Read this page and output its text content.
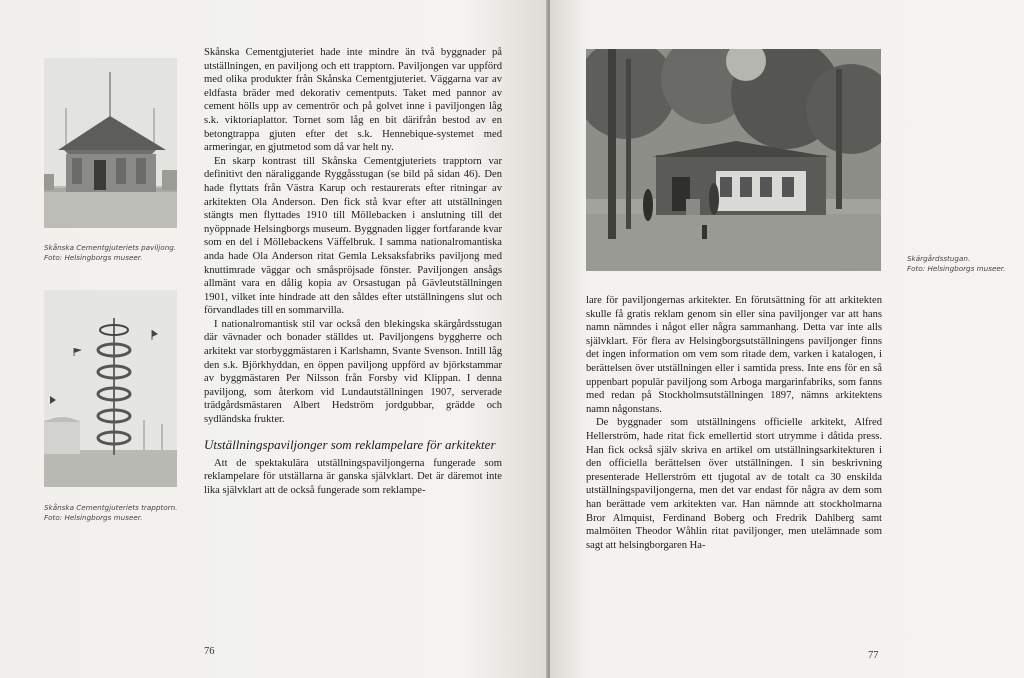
Skånska Cementgjuteriets paviljong.
Foto: Helsingborgs museer.
Skånska Cementgjuteriets trapptorn.
Foto: Helsingborgs museer.

Skånska Cementgjuteriet hade inte mindre än två byggnader på utställningen, en paviljong och ett trapptorn. Paviljongen var uppförd med olika produkter från Skånska Cementgjuteriet. Väggarna var av eldfasta bräder med dekorativ cementputs. Taket med pannor av cement hölls upp av cementrör och på golvet inne i paviljongen låg s.k. viktoriaplattor. Tornet som låg en bit därifrån bestod av en betongtrappa gjuten efter det s.k. Hennebique-systemet med armeringar, en gjutmetod som då var helt ny.

En skarp kontrast till Skånska Cementgjuteriets trapptorn var definitivt den näraliggande Ryggåsstugan (se bild på sidan 46). Den hade flyttats från Västra Karup och restaurerats efter ritningar av arkitekten Ola Anderson. Den fick stå kvar efter att utställningen stängts men flyttades 1910 till Möllebacken i anslutning till det nyöppnade Helsingborgs museum. Byggnaden ligger fortfarande kvar som en del i Möllebackens Väffelbruk. I samma nationalromantiska anda hade Ola Anderson ritat Gemla Leksaksfabriks paviljong med knuttimrade väggar och småspröjsade fönster. Paviljongen ansågs allmänt vara en dålig kopia av Orsastugan på Gävleutställningen 1901, vilket inte hindrade att den såldes efter utställningens slut och förvandlades till en sommarvilla.

I nationalromantisk stil var också den blekingska skärgårdsstugan där vävnader och bonader ställdes ut. Paviljongens byggherre och arkitekt var storbyggmästaren i Karlshamn, Svante Svenson. Intill låg den s.k. Björkhyddan, en öppen paviljong uppförd av björkstammar av byggmästaren Per Nilsson från Forsby vid Klippan. I denna paviljong, som återkom vid Lundautställningen 1907, serverade trädgårdsmästaren Albert Hedström jordgubbar, grädde och sydländska frukter.

Utställningspaviljonger som reklampelare för arkitekter

Att de spektakulära utställningspaviljongerna fungerade som reklampelare för utställarna är ganska självklart. Det är däremot inte lika självklart att de också fungerade som reklampe-

76
Skärgårdsstugan.
Foto: Helsingborgs museer.

lare för paviljongernas arkitekter. En förutsättning för att arkitekten skulle få gratis reklam genom sin eller sina paviljonger var att hans namn nämndes i något eller några sammanhang. Detta var inte alls självklart. För flera av Helsingborgsutställningens paviljonger finns det ingen information om vem som ritade dem, varken i katalogen, i berättelsen över utställningen eller i samtida press. Inte ens för en så uppenbart populär paviljong som Arboga margarinfabriks, som fanns med redan på Stockholmsutställningen 1897, nämns arkitektens namn någonstans.

De byggnader som utställningens officielle arkitekt, Alfred Hellerström, hade ritat fick emellertid stort utrymme i dåtida press. Han fick också själv skriva en artikel om utställningsarkitekturen i den officiella berättelsen över utställningen. I sin beskrivning presenterade Hellerström ett tjugotal av de totalt ca 30 enskilda utställningspaviljongerna, men det var endast för några av dem som han berättade vem arkitekten var. Han nämnde att stockholmarna Bror Almquist, Ferdinand Boberg och Fredrik Dahlberg samt malmöiten Theodor Wåhlin ritat paviljonger, men utelämnade som sagt att helsingborgaren Ha-

77
